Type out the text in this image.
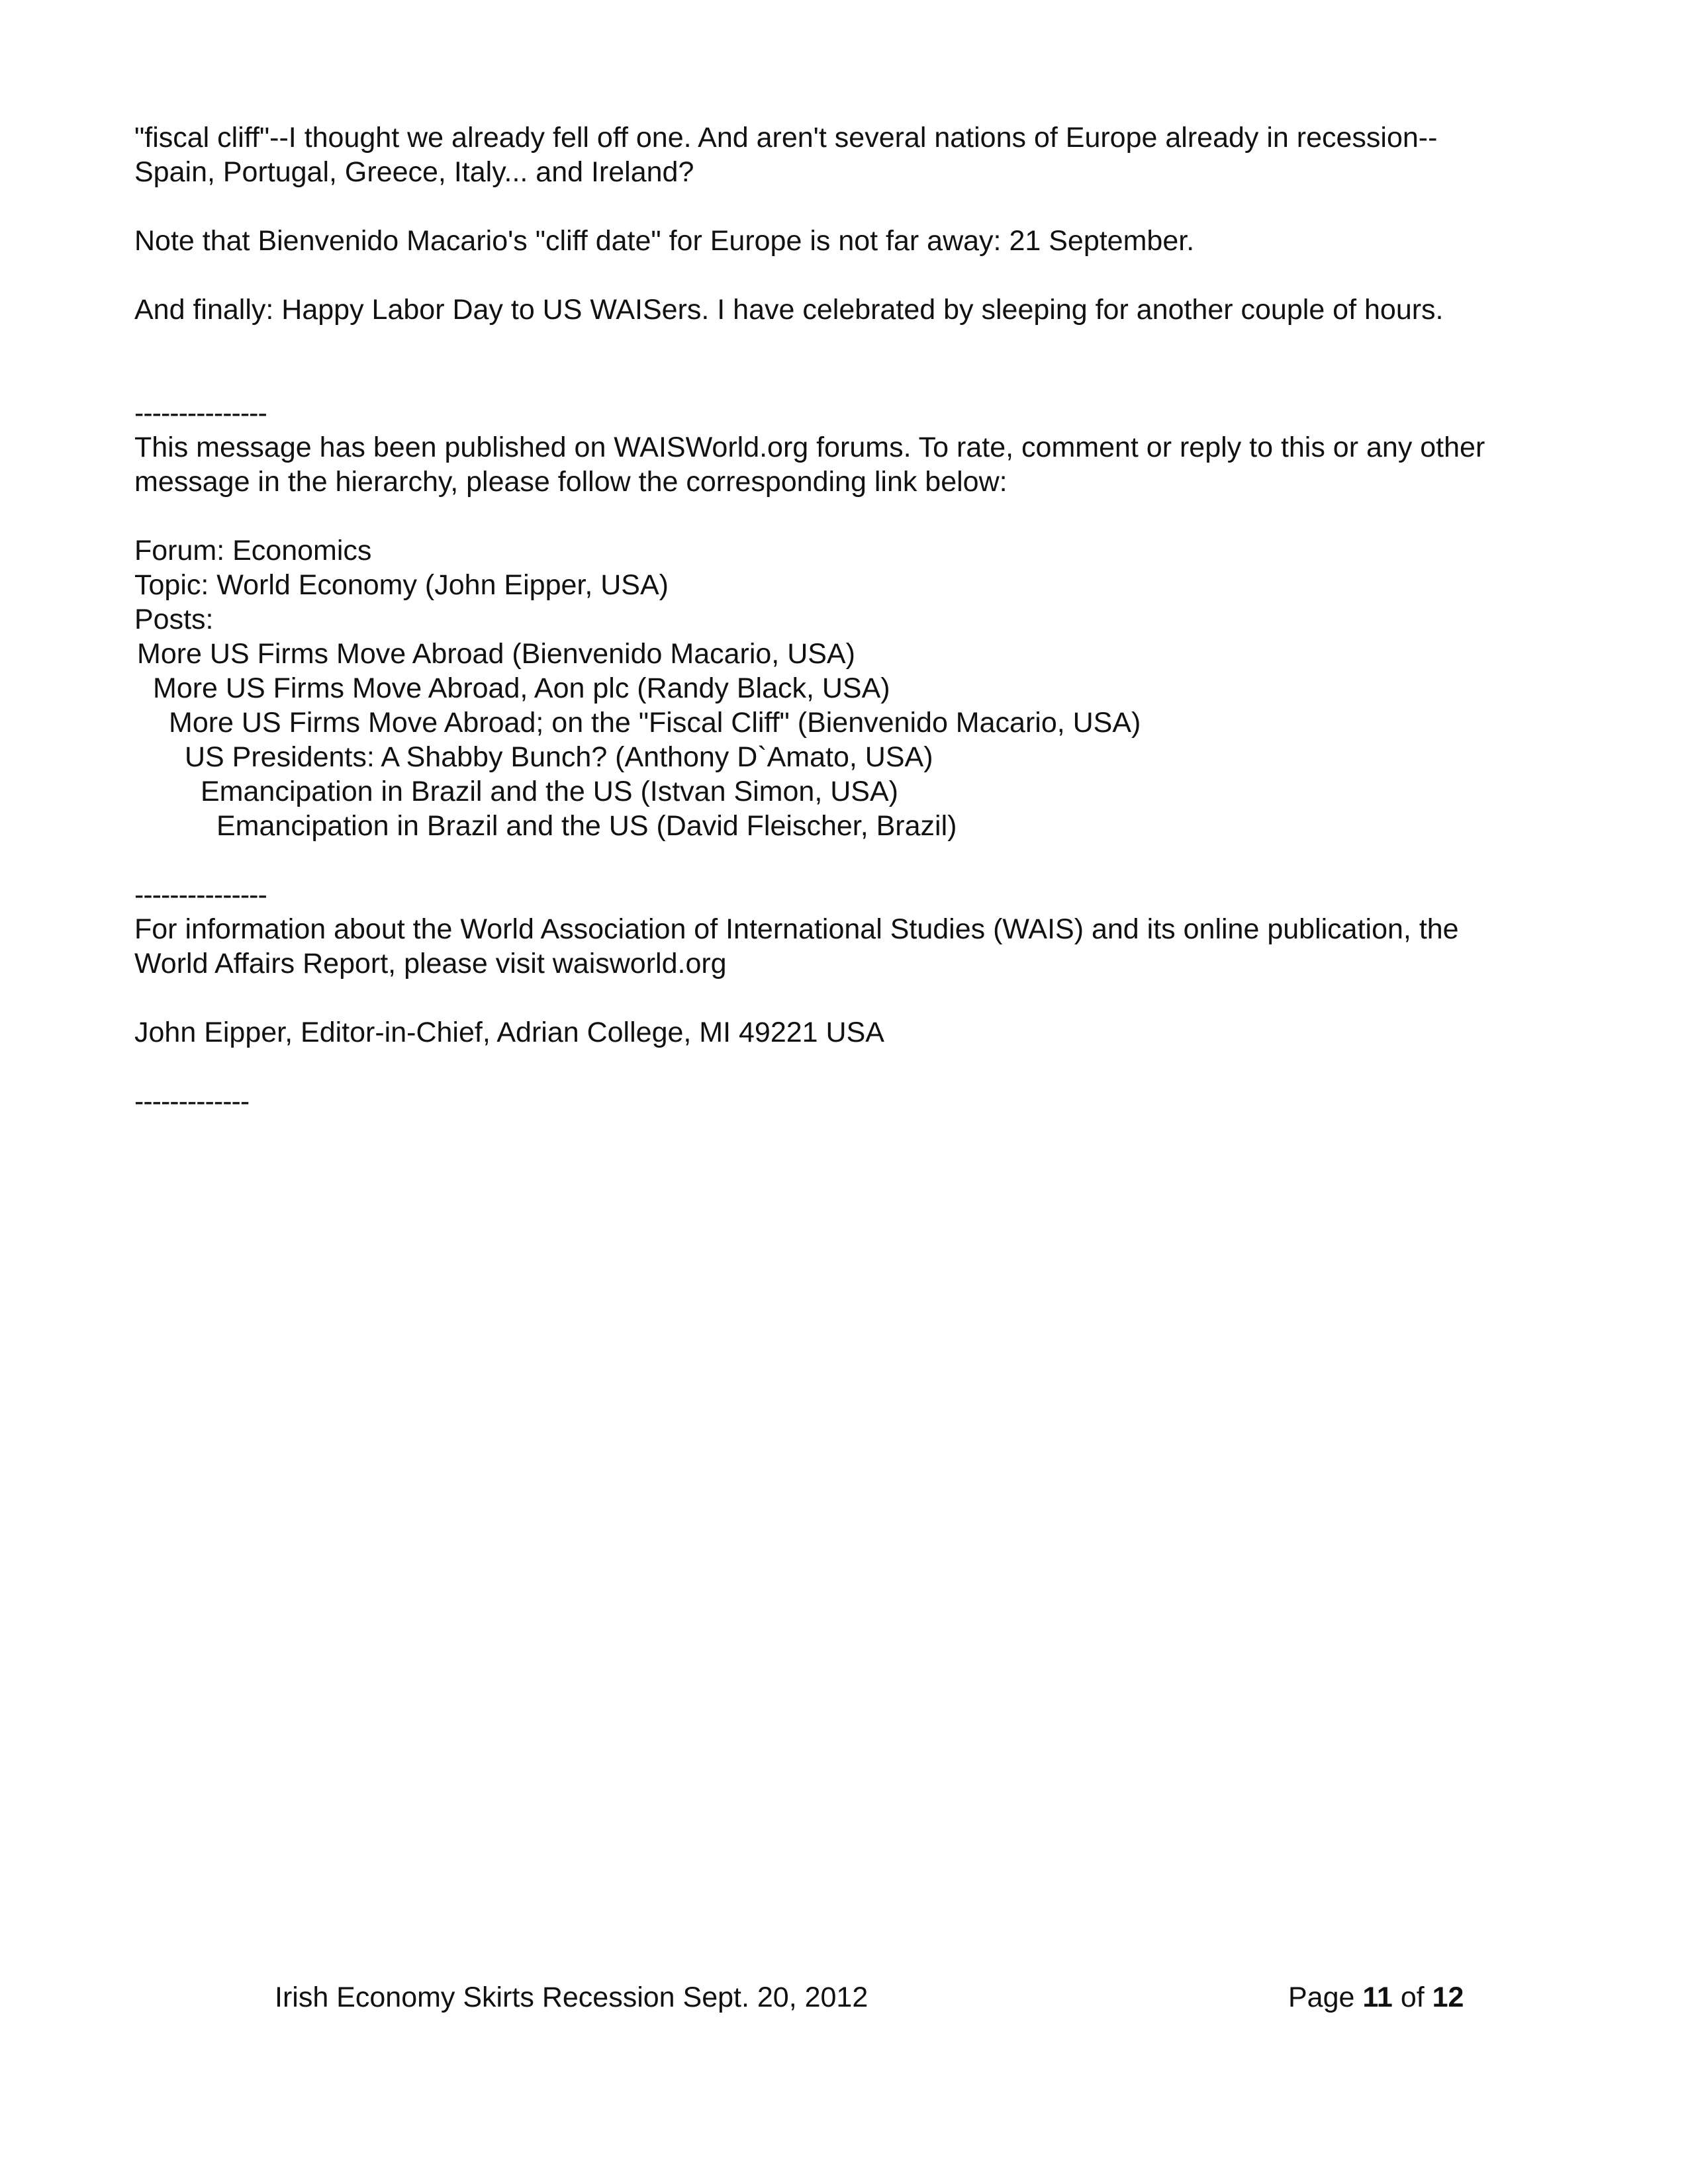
"fiscal cliff"--I thought we already fell off one. And aren't several nations of Europe already in recession--Spain, Portugal, Greece, Italy... and Ireland?

Note that Bienvenido Macario's "cliff date" for Europe is not far away: 21 September.

And finally: Happy Labor Day to US WAISers. I have celebrated by sleeping for another couple of hours.

---------------

This message has been published on WAISWorld.org forums. To rate, comment or reply to this or any other message in the hierarchy, please follow the corresponding link below:

Forum: Economics

Topic: World Economy (John Eipper, USA)

Posts:

More US Firms Move Abroad (Bienvenido Macario, USA)

More US Firms Move Abroad, Aon plc (Randy Black, USA)

More US Firms Move Abroad; on the "Fiscal Cliff" (Bienvenido Macario, USA)

US Presidents: A Shabby Bunch? (Anthony D`Amato, USA)

Emancipation in Brazil and the US (Istvan Simon, USA)

Emancipation in Brazil and the US (David Fleischer, Brazil)

---------------

For information about the World Association of International Studies (WAIS) and its online publication, the World Affairs Report, please visit waisworld.org

John Eipper, Editor-in-Chief, Adrian College, MI 49221 USA

-------------

Irish Economy Skirts Recession Sept. 20, 2012	Page 11 of 12
